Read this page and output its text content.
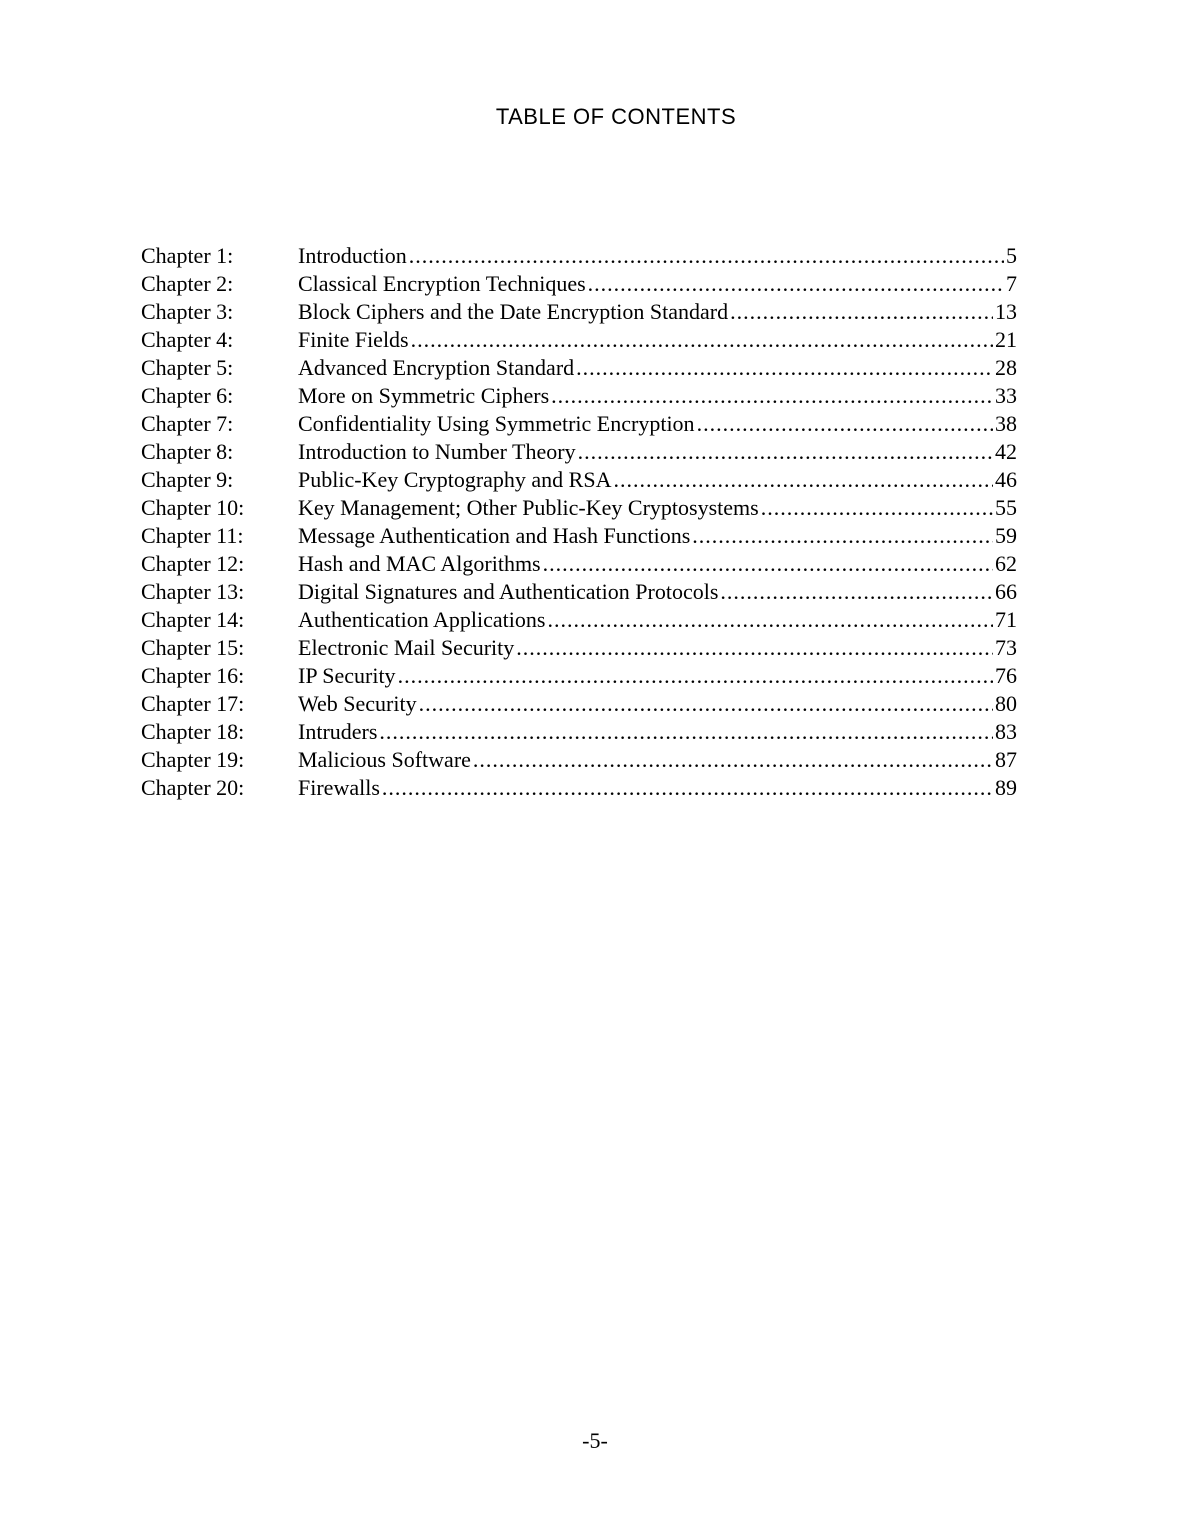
TABLE OF CONTENTS
Chapter 1:	Introduction .....	5
Chapter 2:	Classical Encryption Techniques .....	7
Chapter 3:	Block Ciphers and the Date Encryption Standard .....	13
Chapter 4:	Finite Fields .....	21
Chapter 5:	Advanced Encryption Standard .....	28
Chapter 6:	More on Symmetric Ciphers .....	33
Chapter 7:	Confidentiality Using Symmetric Encryption .....	38
Chapter 8:	Introduction to Number Theory .....	42
Chapter 9:	Public-Key Cryptography and RSA .....	46
Chapter 10:	Key Management; Other Public-Key Cryptosystems .....	55
Chapter 11:	Message Authentication and Hash Functions .....	59
Chapter 12:	Hash and MAC Algorithms .....	62
Chapter 13:	Digital Signatures and Authentication Protocols .....	66
Chapter 14:	Authentication Applications .....	71
Chapter 15:	Electronic Mail Security .....	73
Chapter 16:	IP Security .....	76
Chapter 17:	Web Security .....	80
Chapter 18:	Intruders .....	83
Chapter 19:	Malicious Software .....	87
Chapter 20:	Firewalls .....	89
-5-
